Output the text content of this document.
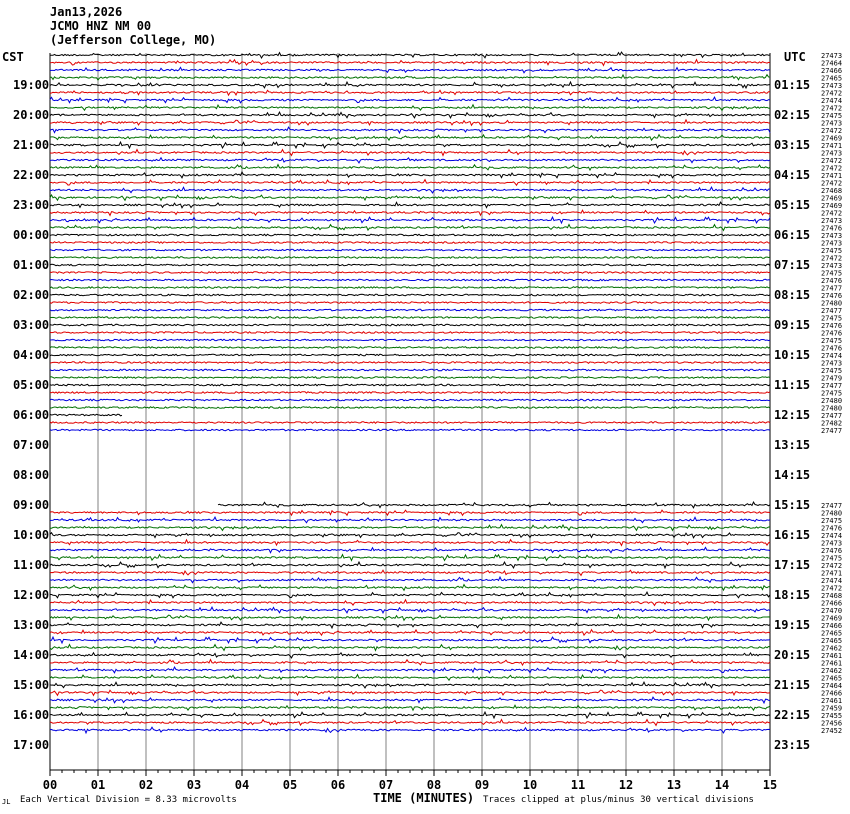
Jan13,2026
JCMO HNZ NM 00
(Jefferson College, MO)
CST	UTC
19:00
20:00
21:00
22:00
23:00
00:00
01:00
02:00
03:00
04:00
05:00
06:00
07:00
08:00
09:00
10:00
11:00
12:00
13:00
14:00
15:00
16:00
17:00
01:15
02:15
03:15
04:15
05:15
06:15
07:15
08:15
09:15
10:15
11:15
12:15
13:15
14:15
15:15
16:15
17:15
18:15
19:15
20:15
21:15
22:15
23:15
27473
27464
27466
27465
27473
27472
27474
27472
27475
27473
27472
27469
27471
27473
27472
27472
27471
27472
27468
27469
27469
27472
27473
27476
27473
27473
27475
27472
27473
27475
27476
27477
27476
27480
27477
27475
27476
27476
27475
27476
27474
27473
27475
27479
27477
27475
27480
27480
27477
27482
27477
27477
27480
27475
27476
27474
27473
27476
27475
27472
27471
27474
27472
27468
27466
27470
27469
27466
27465
27465
27462
27461
27461
27462
27465
27464
27466
27461
27459
27455
27456
27452
00	01	02	03	04	05	06	07	08	09	10	11	12	13	14	15
JL Each Vertical Division = 8.33 microvolts	TIME (MINUTES) Traces clipped at plus/minus 30 vertical divisions
